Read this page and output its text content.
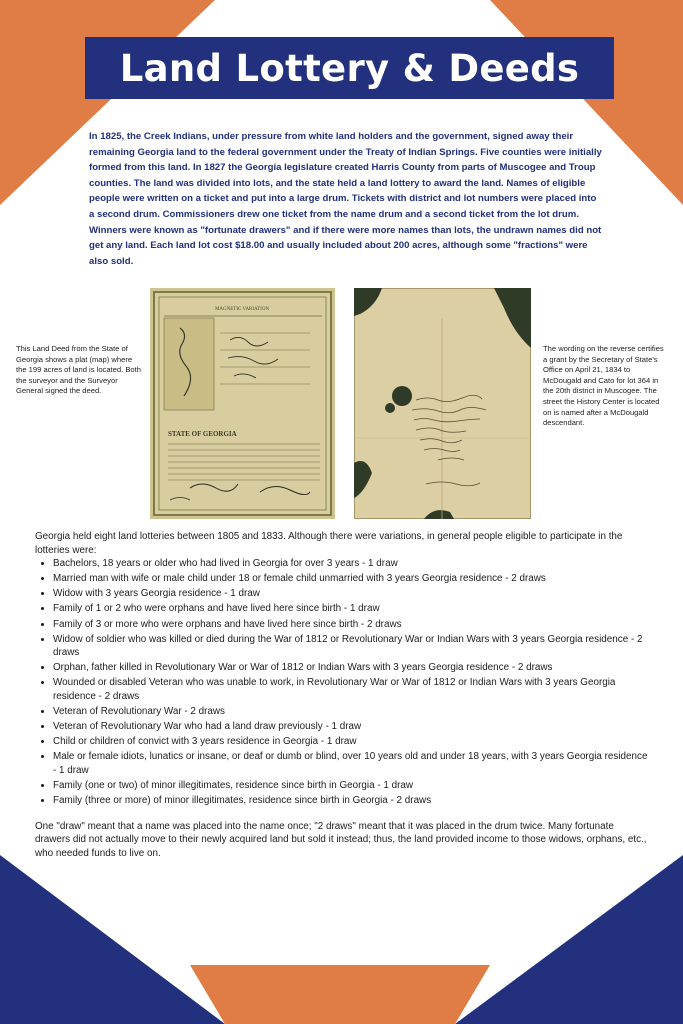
Land Lottery & Deeds

In 1825, the Creek Indians, under pressure from white land holders and the government, signed away their remaining Georgia land to the federal government under the Treaty of Indian Springs. Five counties were initially formed from this land. In 1827 the Georgia legislature created Harris County from parts of Muscogee and Troup counties. The land was divided into lots, and the state held a land lottery to award the land. Names of eligible people were written on a ticket and put into a large drum. Tickets with district and lot numbers were placed into a second drum. Commissioners drew one ticket from the name drum and a second ticket from the lot drum. Winners were known as "fortunate drawers" and if there were more names than lots, the undrawn names did not get any land. Each land lot cost $18.00 and usually included about 200 acres, although some "fractions" were also sold.

This Land Deed from the State of Georgia shows a plat (map) where the 199 acres of land is located. Both the surveyor and the Surveyor General signed the deed.

MAGNETIC VARIATION
STATE OF GEORGIA

The wording on the reverse certifies a grant by the Secretary of State's Office on April 21, 1834 to McDougald and Cato for lot 364 in the 20th district in Muscogee. The street the History Center is located on is named after a McDougald descendant.

Georgia held eight land lotteries between 1805 and 1833. Although there were variations, in general people eligible to participate in the lotteries were:

• Bachelors, 18 years or older who had lived in Georgia for over 3 years - 1 draw
• Married man with wife or male child under 18 or female child unmarried with 3 years Georgia residence - 2 draws
• Widow with 3 years Georgia residence - 1 draw
• Family of 1 or 2 who were orphans and have lived here since birth - 1 draw
• Family of 3 or more who were orphans and have lived here since birth - 2 draws
• Widow of soldier who was killed or died during the War of 1812 or Revolutionary War or Indian Wars with 3 years Georgia residence - 2 draws
• Orphan, father killed in Revolutionary War or War of 1812 or Indian Wars with 3 years Georgia residence - 2 draws
• Wounded or disabled Veteran who was unable to work, in Revolutionary War or War of 1812 or Indian Wars with 3 years Georgia residence - 2 draws
• Veteran of Revolutionary War - 2 draws
• Veteran of Revolutionary War who had a land draw previously - 1 draw
• Child or children of convict with 3 years residence in Georgia - 1 draw
• Male or female idiots, lunatics or insane, or deaf or dumb or blind, over 10 years old and under 18 years, with 3 years Georgia residence - 1 draw
• Family (one or two) of minor illegitimates, residence since birth in Georgia - 1 draw
• Family (three or more) of minor illegitimates, residence since birth in Georgia - 2 draws

One "draw" meant that a name was placed into the name once; "2 draws" meant that it was placed in the drum twice. Many fortunate drawers did not actually move to their newly acquired land but sold it instead; thus, the land provided income to those widows, orphans, etc., who needed funds to live on.
